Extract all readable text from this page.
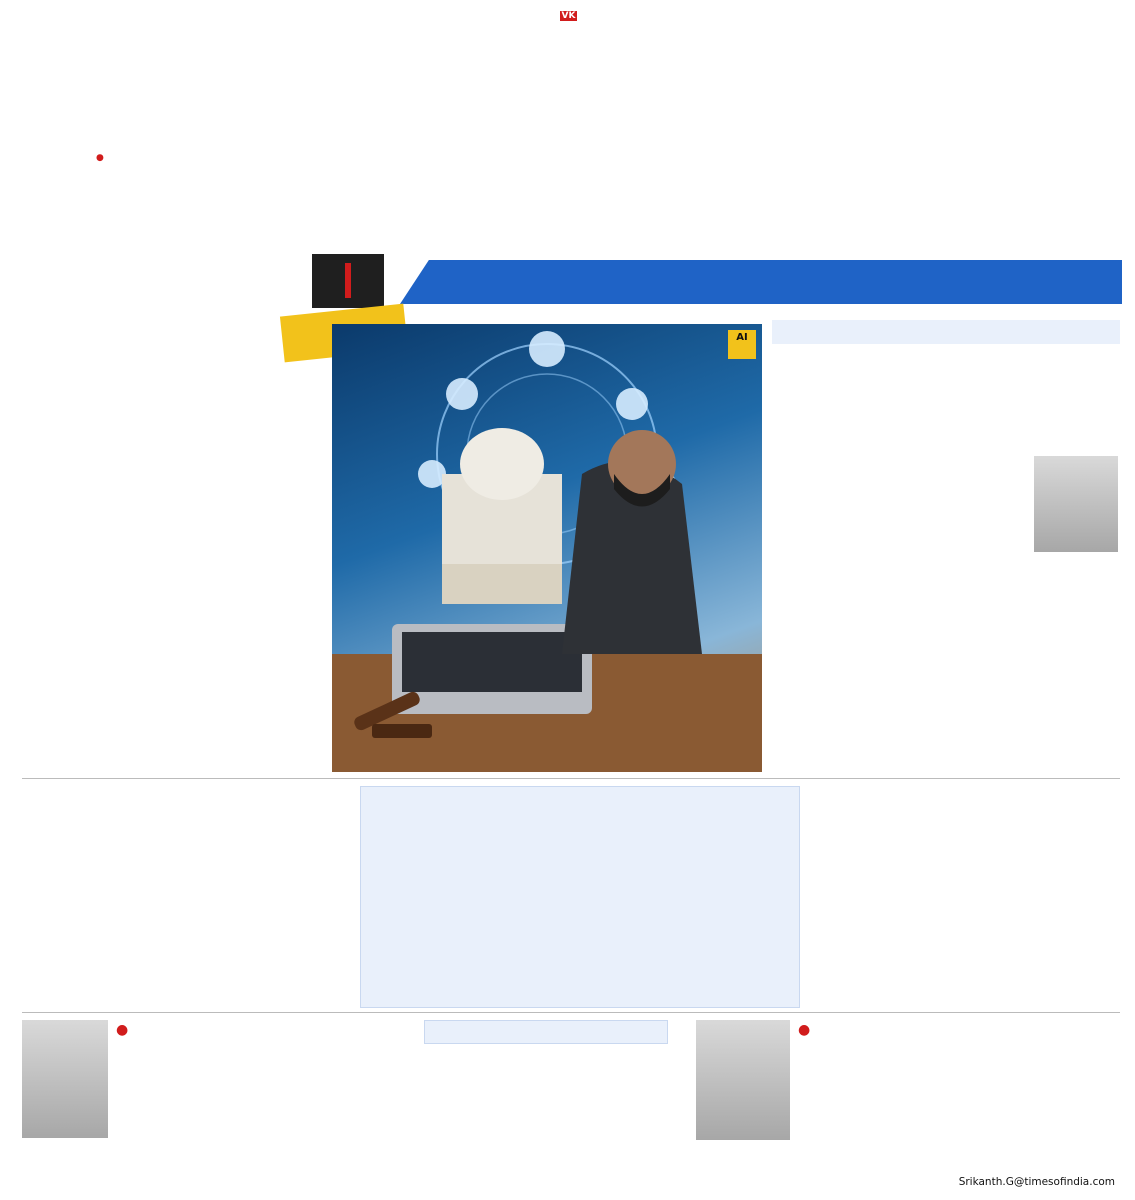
$^{VK}$
●

AI

●	●
Srikanth.G@timesofindia.com
